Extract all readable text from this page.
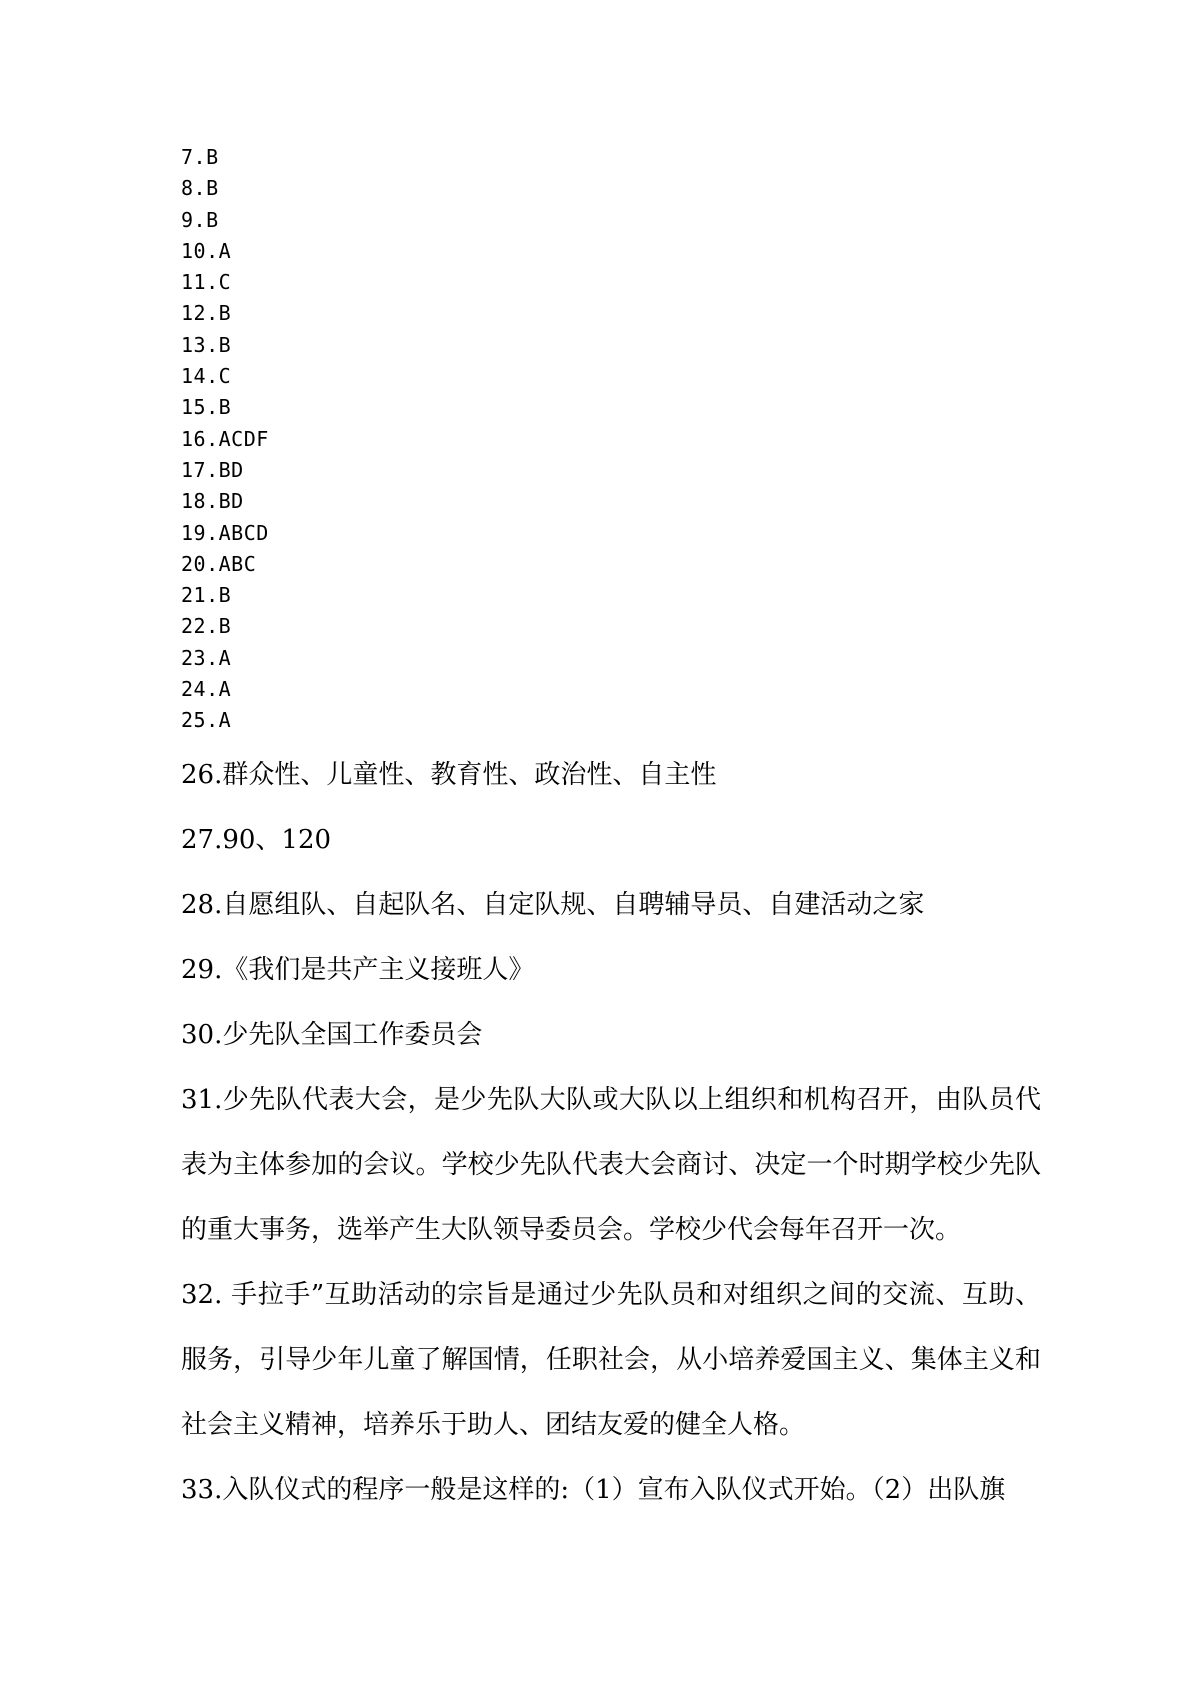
7.B
8.B
9.B
10.A
11.C
12.B
13.B
14.C
15.B
16.ACDF
17.BD
18.BD
19.ABCD
20.ABC
21.B
22.B
23.A
24.A
25.A
26.群众性、儿童性、教育性、政治性、自主性
27.90、120
28.自愿组队、自起队名、自定队规、自聘辅导员、自建活动之家
29.《我们是共产主义接班人》
30.少先队全国工作委员会
31.少先队代表大会，是少先队大队或大队以上组织和机构召开，由队员代表为主体参加的会议。学校少先队代表大会商讨、决定一个时期学校少先队的重大事务，选举产生大队领导委员会。学校少代会每年召开一次。
32. 手拉手”互助活动的宗旨是通过少先队员和对组织之间的交流、互助、服务，引导少年儿童了解国情，任职社会，从小培养爱国主义、集体主义和社会主义精神，培养乐于助人、团结友爱的健全人格。
33.入队仪式的程序一般是这样的:（1）宣布入队仪式开始。（2）出队旗
